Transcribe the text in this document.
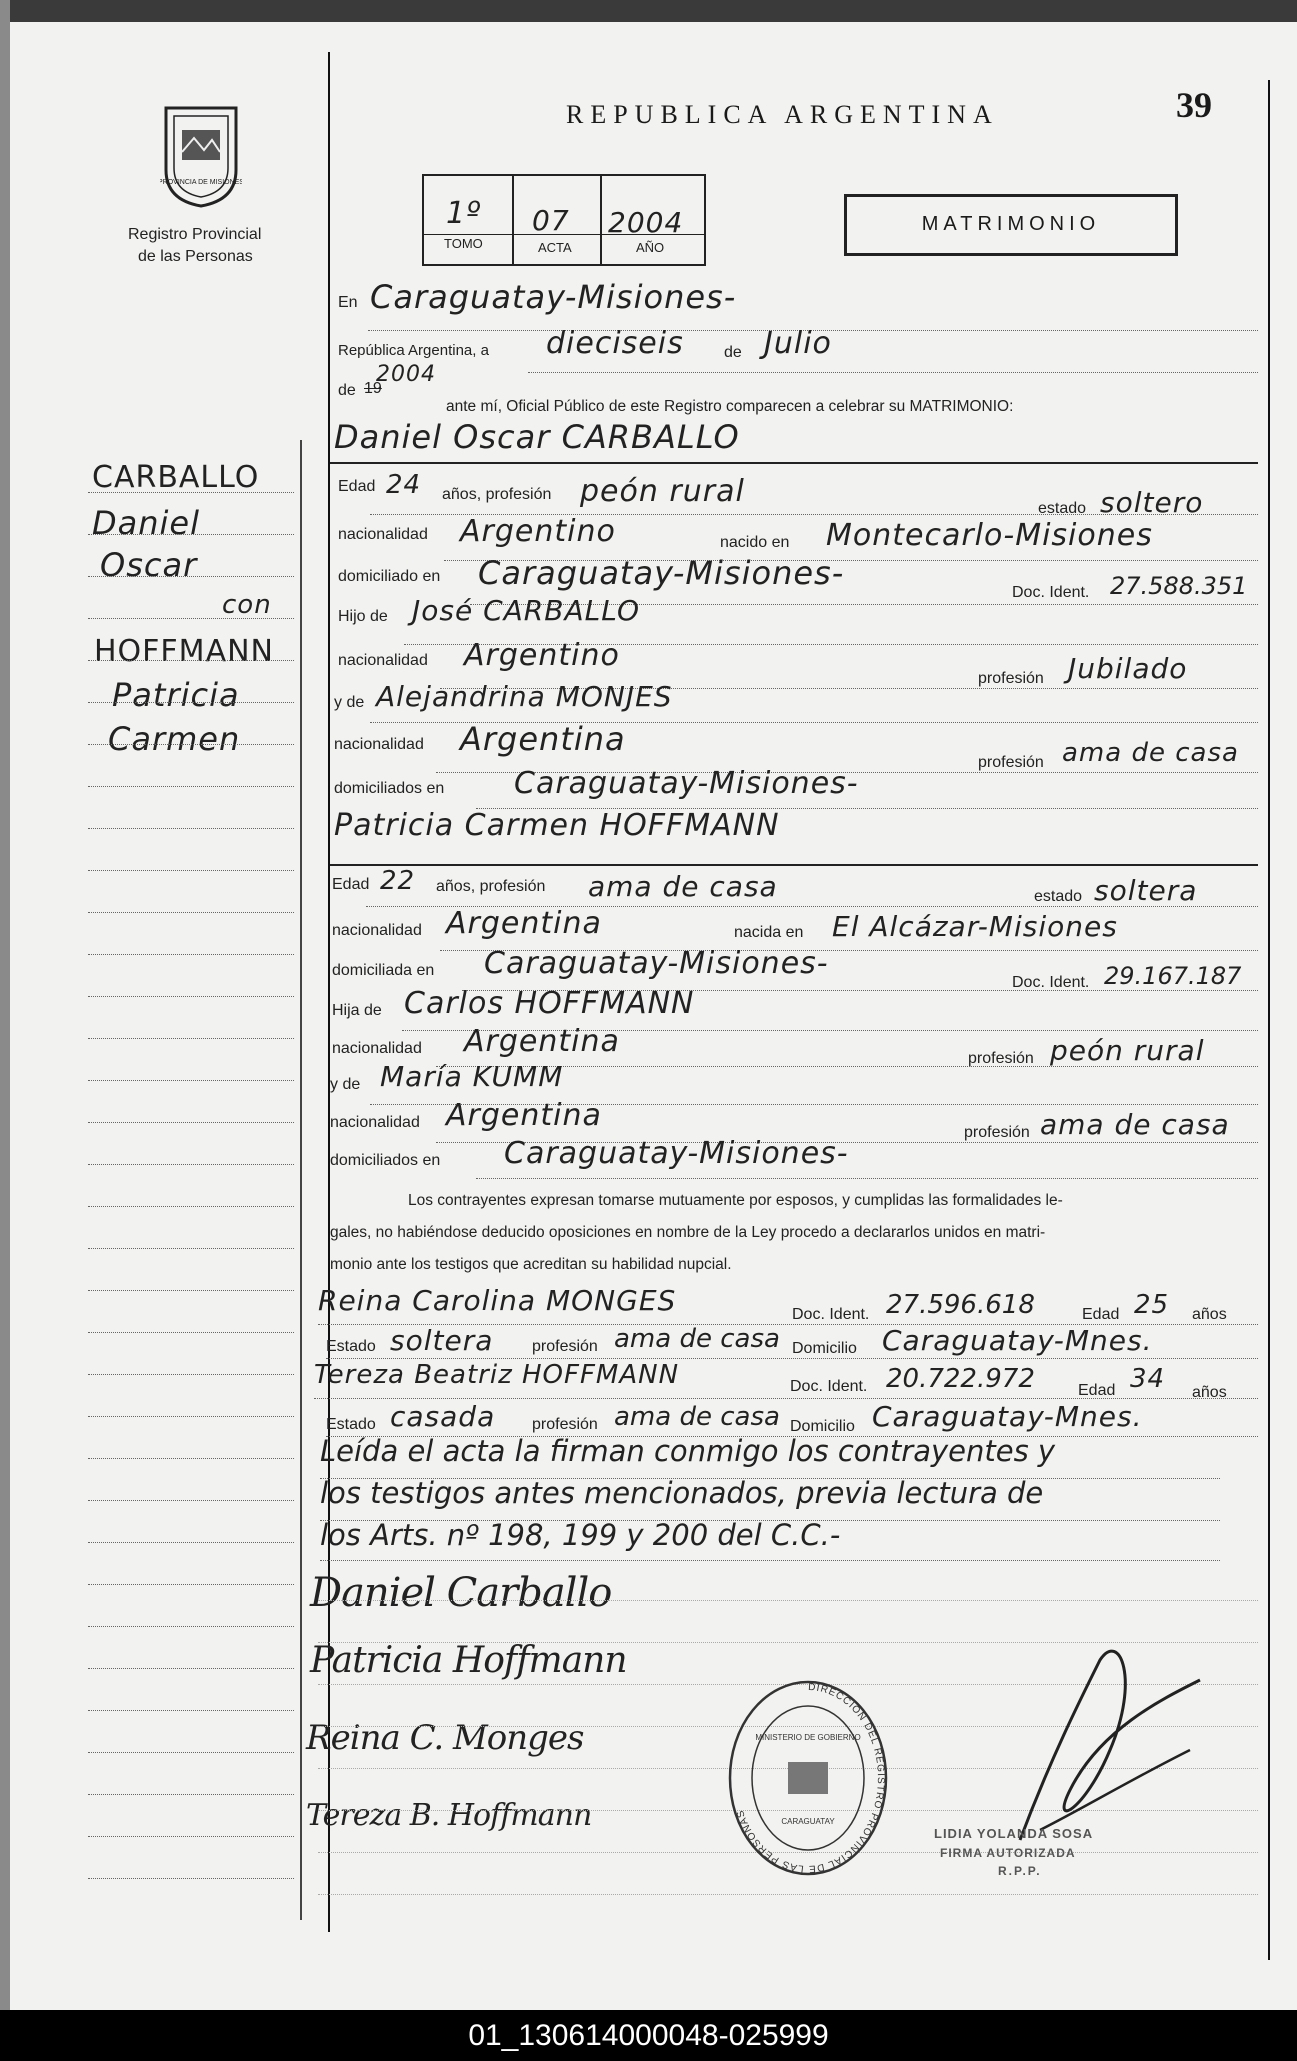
PROVINCIA DE MISIONES
Registro Provincial
de las Personas
REPUBLICA ARGENTINA	39
1º
TOMO
07
ACTA
2004
AÑO
MATRIMONIO
CARBALLO
Daniel
Oscar
con
HOFFMANN
Patricia
Carmen
En Caraguatay-Misiones-
República Argentina, a dieciseis	de Julio
de 19
2004
ante mí, Oficial Público de este Registro comparecen a celebrar su MATRIMONIO:
Daniel Oscar CARBALLO
Edad 24 años, profesión peón rural	estado soltero
nacionalidad Argentino	nacido en Montecarlo-Misiones
domiciliado en Caraguatay-Misiones-
Doc. Ident. 27.588.351
Hijo de José CARBALLO
nacionalidad Argentino
profesión Jubilado
y de Alejandrina MONJES
nacionalidad Argentina
profesión ama de casa
domiciliados en Caraguatay-Misiones-
Patricia Carmen HOFFMANN
Edad 22 años, profesión ama de casa	estado soltera
nacionalidad Argentina	nacida en El Alcázar-Misiones
domiciliada en Caraguatay-Misiones-
Doc. Ident. 29.167.187
Hija de Carlos HOFFMANN
nacionalidad Argentina	profesión peón rural
y de María KUMM
nacionalidad Argentina	profesión ama de casa
domiciliados en Caraguatay-Misiones-
Los contrayentes expresan tomarse mutuamente por esposos, y cumplidas las formalidades le-
gales, no habiéndose deducido oposiciones en nombre de la Ley procedo a declararlos unidos en matri-
monio ante los testigos que acreditan su habilidad nupcial.
Reina Carolina MONGES	Doc. Ident. 27.596.618	Edad 25 años
Estado soltera profesión ama de casa Domicilio Caraguatay-Mnes.
Tereza Beatriz HOFFMANN	Doc. Ident. 20.722.972	Edad 34 años
Estado casada profesión ama de casa Domicilio Caraguatay-Mnes.
Leída el acta la firman conmigo los contrayentes y
los testigos antes mencionados, previa lectura de
los Arts. nº 198, 199 y 200 del C.C.-
Daniel Carballo
Patricia Hoffmann
Reina C. Monges
Tereza B. Hoffmann
DIRECCION DEL REGISTRO PROVINCIAL DE LAS PERSONAS
MINISTERIO DE GOBIERNO
CARAGUATAY
LIDIA YOLANDA SOSA
FIRMA AUTORIZADA
R.P.P.
01_130614000048-025999
